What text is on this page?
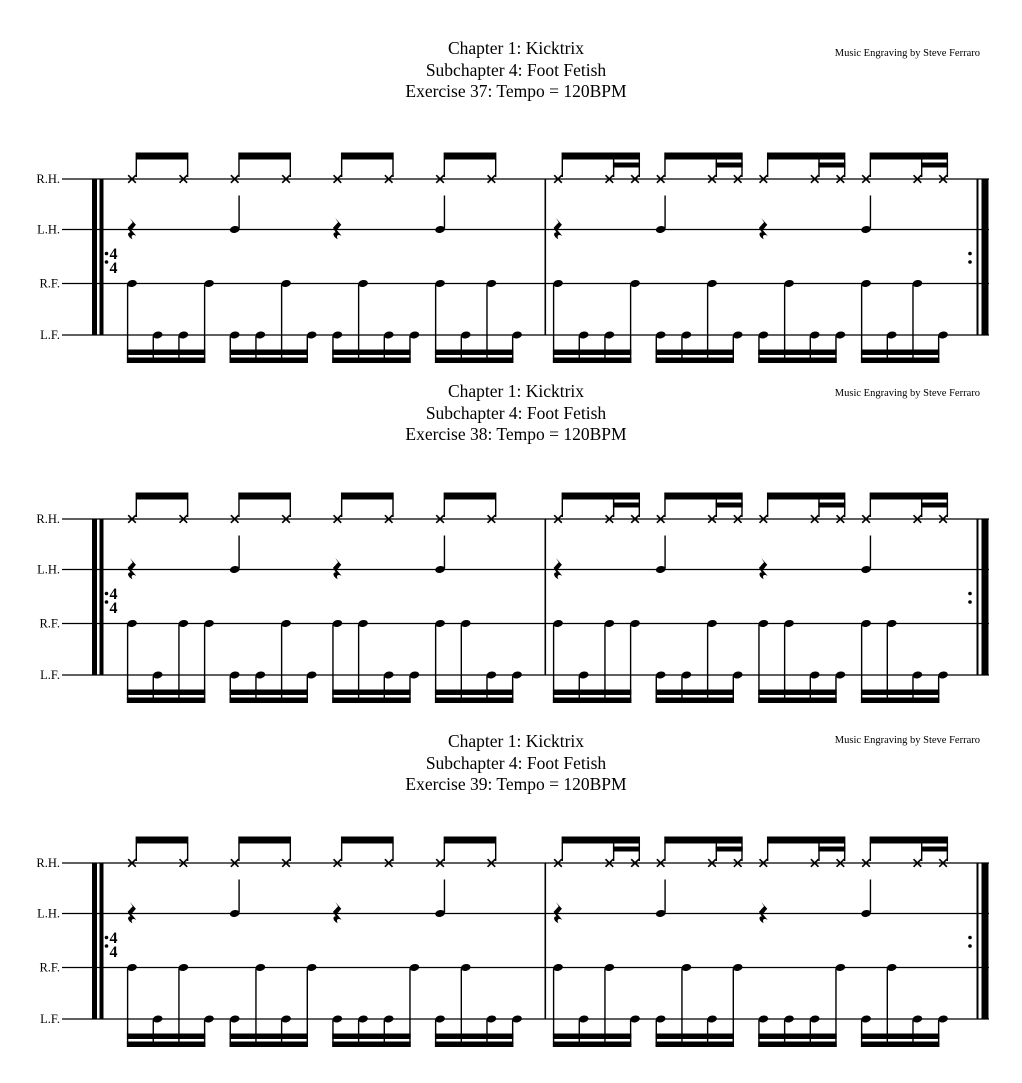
R.H.
L.H.
R.F.
L.F.
4
4
R.H.
L.H.
R.F.
L.F.
4
4
R.H.
L.H.
R.F.
L.F.
4
4

Chapter 1: Kicktrix

Subchapter 4: Foot Fetish

Exercise 37: Tempo = 120BPM

Music Engraving by Steve Ferraro

Chapter 1: Kicktrix

Subchapter 4: Foot Fetish

Exercise 38: Tempo = 120BPM

Music Engraving by Steve Ferraro

Chapter 1: Kicktrix

Subchapter 4: Foot Fetish

Exercise 39: Tempo = 120BPM

Music Engraving by Steve Ferraro
